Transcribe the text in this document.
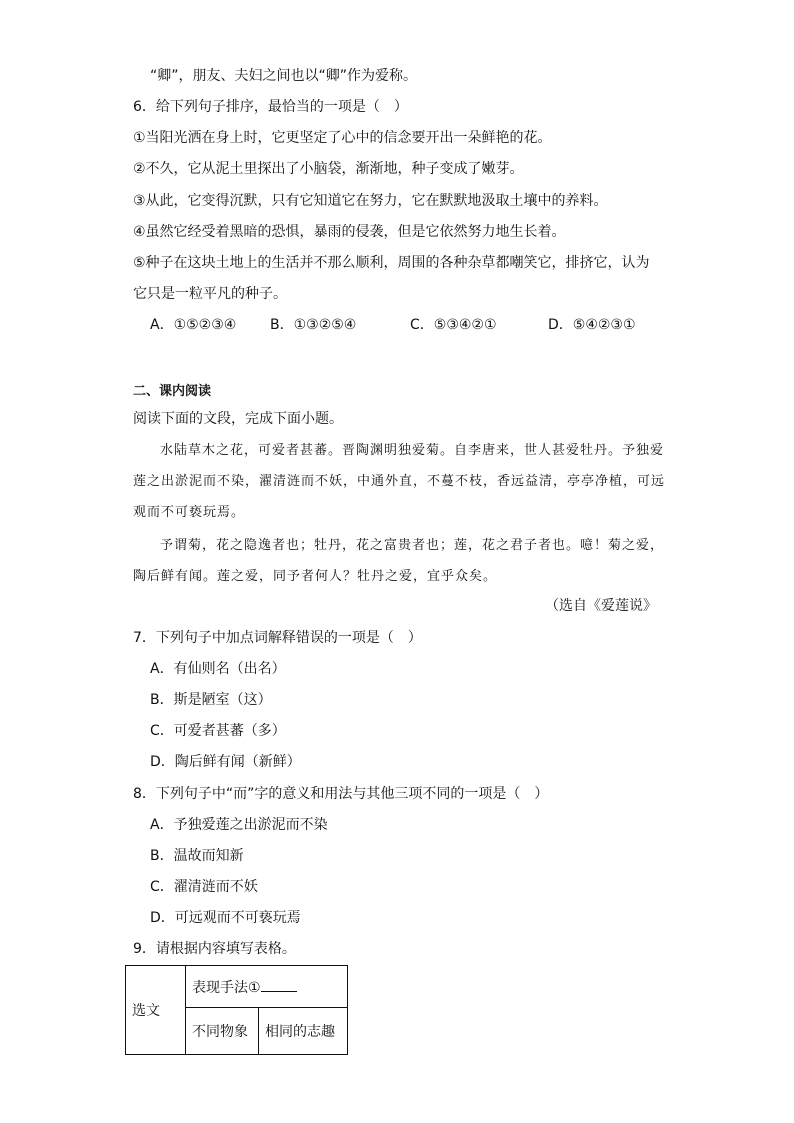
“卿”，朋友、夫妇之间也以“卿”作为爱称。
6．给下列句子排序，最恰当的一项是（　）
①当阳光洒在身上时，它更坚定了心中的信念要开出一朵鲜艳的花。
②不久，它从泥土里探出了小脑袋，渐渐地，种子变成了嫩芽。
③从此，它变得沉默，只有它知道它在努力，它在默默地汲取土壤中的养料。
④虽然它经受着黑暗的恐惧，暴雨的侵袭，但是它依然努力地生长着。
⑤种子在这块土地上的生活并不那么顺利，周围的各种杂草都嘲笑它，排挤它，认为
它只是一粒平凡的种子。
A．①⑤②③④ B．①③②⑤④	C．⑤③④②①	D．⑤④②③①
二、课内阅读
阅读下面的文段，完成下面小题。
水陆草木之花，可爱者甚蕃。晋陶渊明独爱菊。自李唐来，世人甚爱牡丹。予独爱
莲之出淤泥而不染，濯清涟而不妖，中通外直，不蔓不枝，香远益清，亭亭净植，可远
观而不可亵玩焉。
予谓菊，花之隐逸者也；牡丹，花之富贵者也；莲，花之君子者也。噫！菊之爱，
陶后鲜有闻。莲之爱，同予者何人？牡丹之爱，宜乎众矣。
（选自《爱莲说》
7．下列句子中加点词解释错误的一项是（　）
A．有仙则名（出名）
B．斯是陋室（这）
C．可爱者甚蕃（多）
D．陶后鲜有闻（新鲜）
8．下列句子中“而”字的意义和用法与其他三项不同的一项是（　）
A．予独爱莲之出淤泥而不染
B．温故而知新
C．濯清涟而不妖
D．可远观而不可亵玩焉
9．请根据内容填写表格。
选文	表现手法①	
	不同物象	相同的志趣
